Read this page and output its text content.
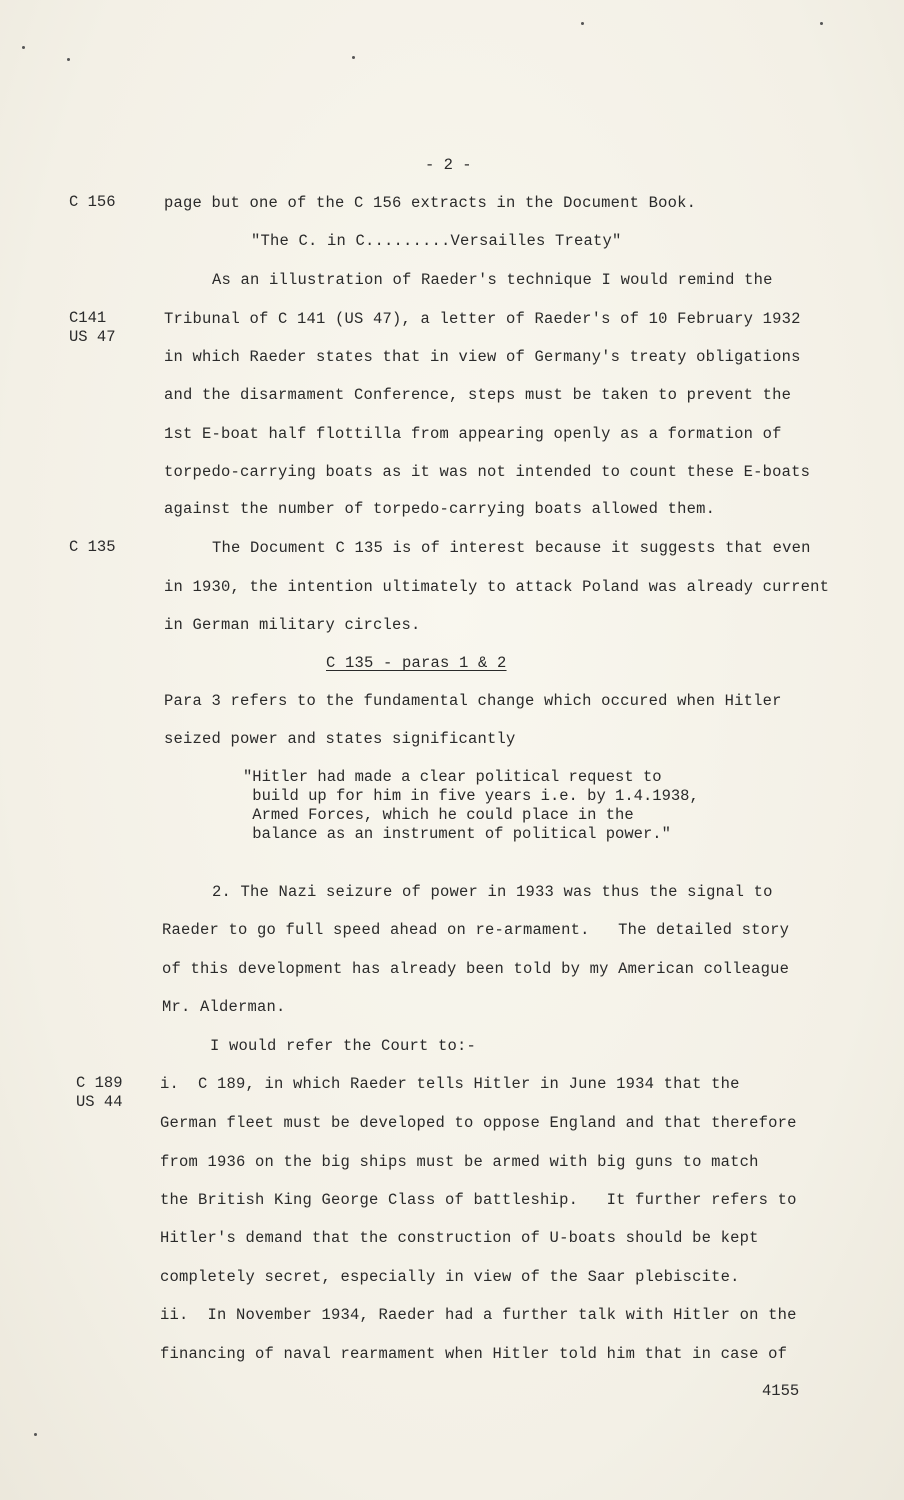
- 2 -
C 156
C141
US 47
C 135
C 189
US 44
page but one of the C 156 extracts in the Document Book.
"The C. in C.........Versailles Treaty"
As an illustration of Raeder's technique I would remind the
Tribunal of C 141 (US 47), a letter of Raeder's of 10 February 1932
in which Raeder states that in view of Germany's treaty obligations
and the disarmament Conference, steps must be taken to prevent the
1st E-boat half flottilla from appearing openly as a formation of
torpedo-carrying boats as it was not intended to count these E-boats
against the number of torpedo-carrying boats allowed them.
The Document C 135 is of interest because it suggests that even
in 1930, the intention ultimately to attack Poland was already current
in German military circles.
C 135 - paras 1 & 2
Para 3 refers to the fundamental change which occured when Hitler
seized power and states significantly
"Hitler had made a clear political request to
build up for him in five years i.e. by 1.4.1938,
Armed Forces, which he could place in the
balance as an instrument of political power."
2. The Nazi seizure of power in 1933 was thus the signal to
Raeder to go full speed ahead on re-armament.   The detailed story
of this development has already been told by my American colleague
Mr. Alderman.
I would refer the Court to:-
i.  C 189, in which Raeder tells Hitler in June 1934 that the
German fleet must be developed to oppose England and that therefore
from 1936 on the big ships must be armed with big guns to match
the British King George Class of battleship.   It further refers to
Hitler's demand that the construction of U-boats should be kept
completely secret, especially in view of the Saar plebiscite.
ii.  In November 1934, Raeder had a further talk with Hitler on the
financing of naval rearmament when Hitler told him that in case of
4155
